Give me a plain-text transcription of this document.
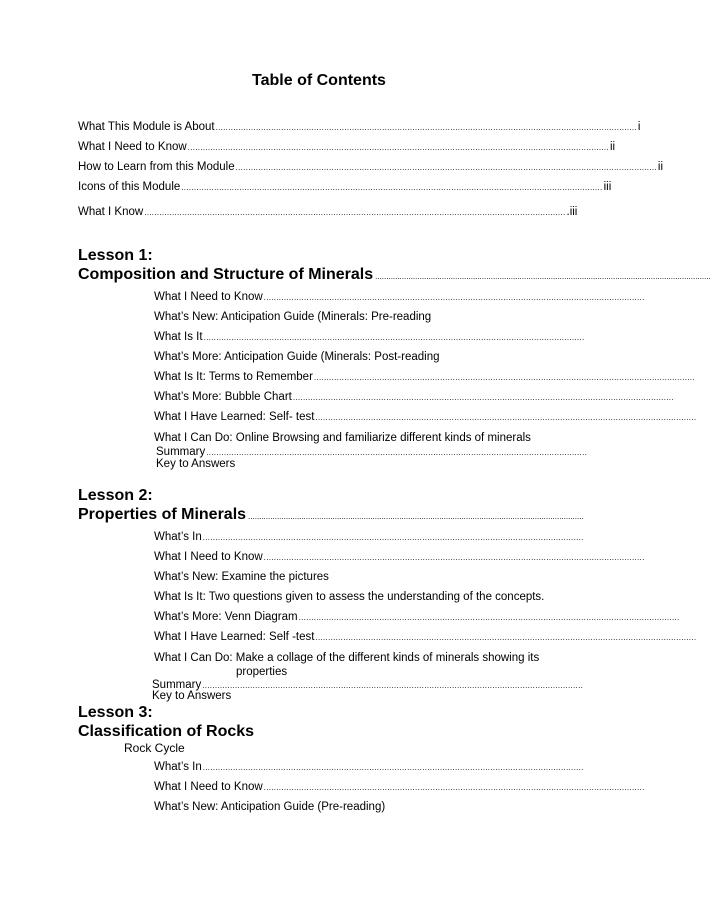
Table of Contents
What This Module is About ....................................................................................................................................................................... i
What I Need to Know ....................................................................................................................................................................... ii
How to Learn from this Module ....................................................................................................................................................................... ii
Icons of this Module ....................................................................................................................................................................... iii
What I Know ....................................................................................................................................................................... .iii
Lesson 1:
Composition and Structure of Minerals .......................................................................................................................................................
What I Need to Know .......................................................................................................................................................
What’s New: Anticipation Guide (Minerals: Pre-reading
What Is It .......................................................................................................................................................
What’s More: Anticipation Guide (Minerals: Post-reading
What Is It: Terms to Remember .......................................................................................................................................................
What’s More: Bubble Chart .......................................................................................................................................................
What I Have Learned: Self- test .......................................................................................................................................................
What I Can Do: Online Browsing and familiarize different kinds of minerals
Summary .......................................................................................................................................................
Key to Answers
Lesson 2:
Properties of Minerals .......................................................................................................................................................
What’s In .......................................................................................................................................................
What I Need to Know .......................................................................................................................................................
What’s New: Examine the pictures
What Is It: Two questions given to assess the understanding of the concepts.
What’s More: Venn Diagram .......................................................................................................................................................
What I Have Learned: Self -test .......................................................................................................................................................
What I Can Do: Make a collage of the different kinds of minerals showing its
properties
Summary .......................................................................................................................................................
Key to Answers
Lesson 3:
Classification of Rocks
Rock Cycle
What’s In .......................................................................................................................................................
What I Need to Know .......................................................................................................................................................
What’s New: Anticipation Guide (Pre-reading)
